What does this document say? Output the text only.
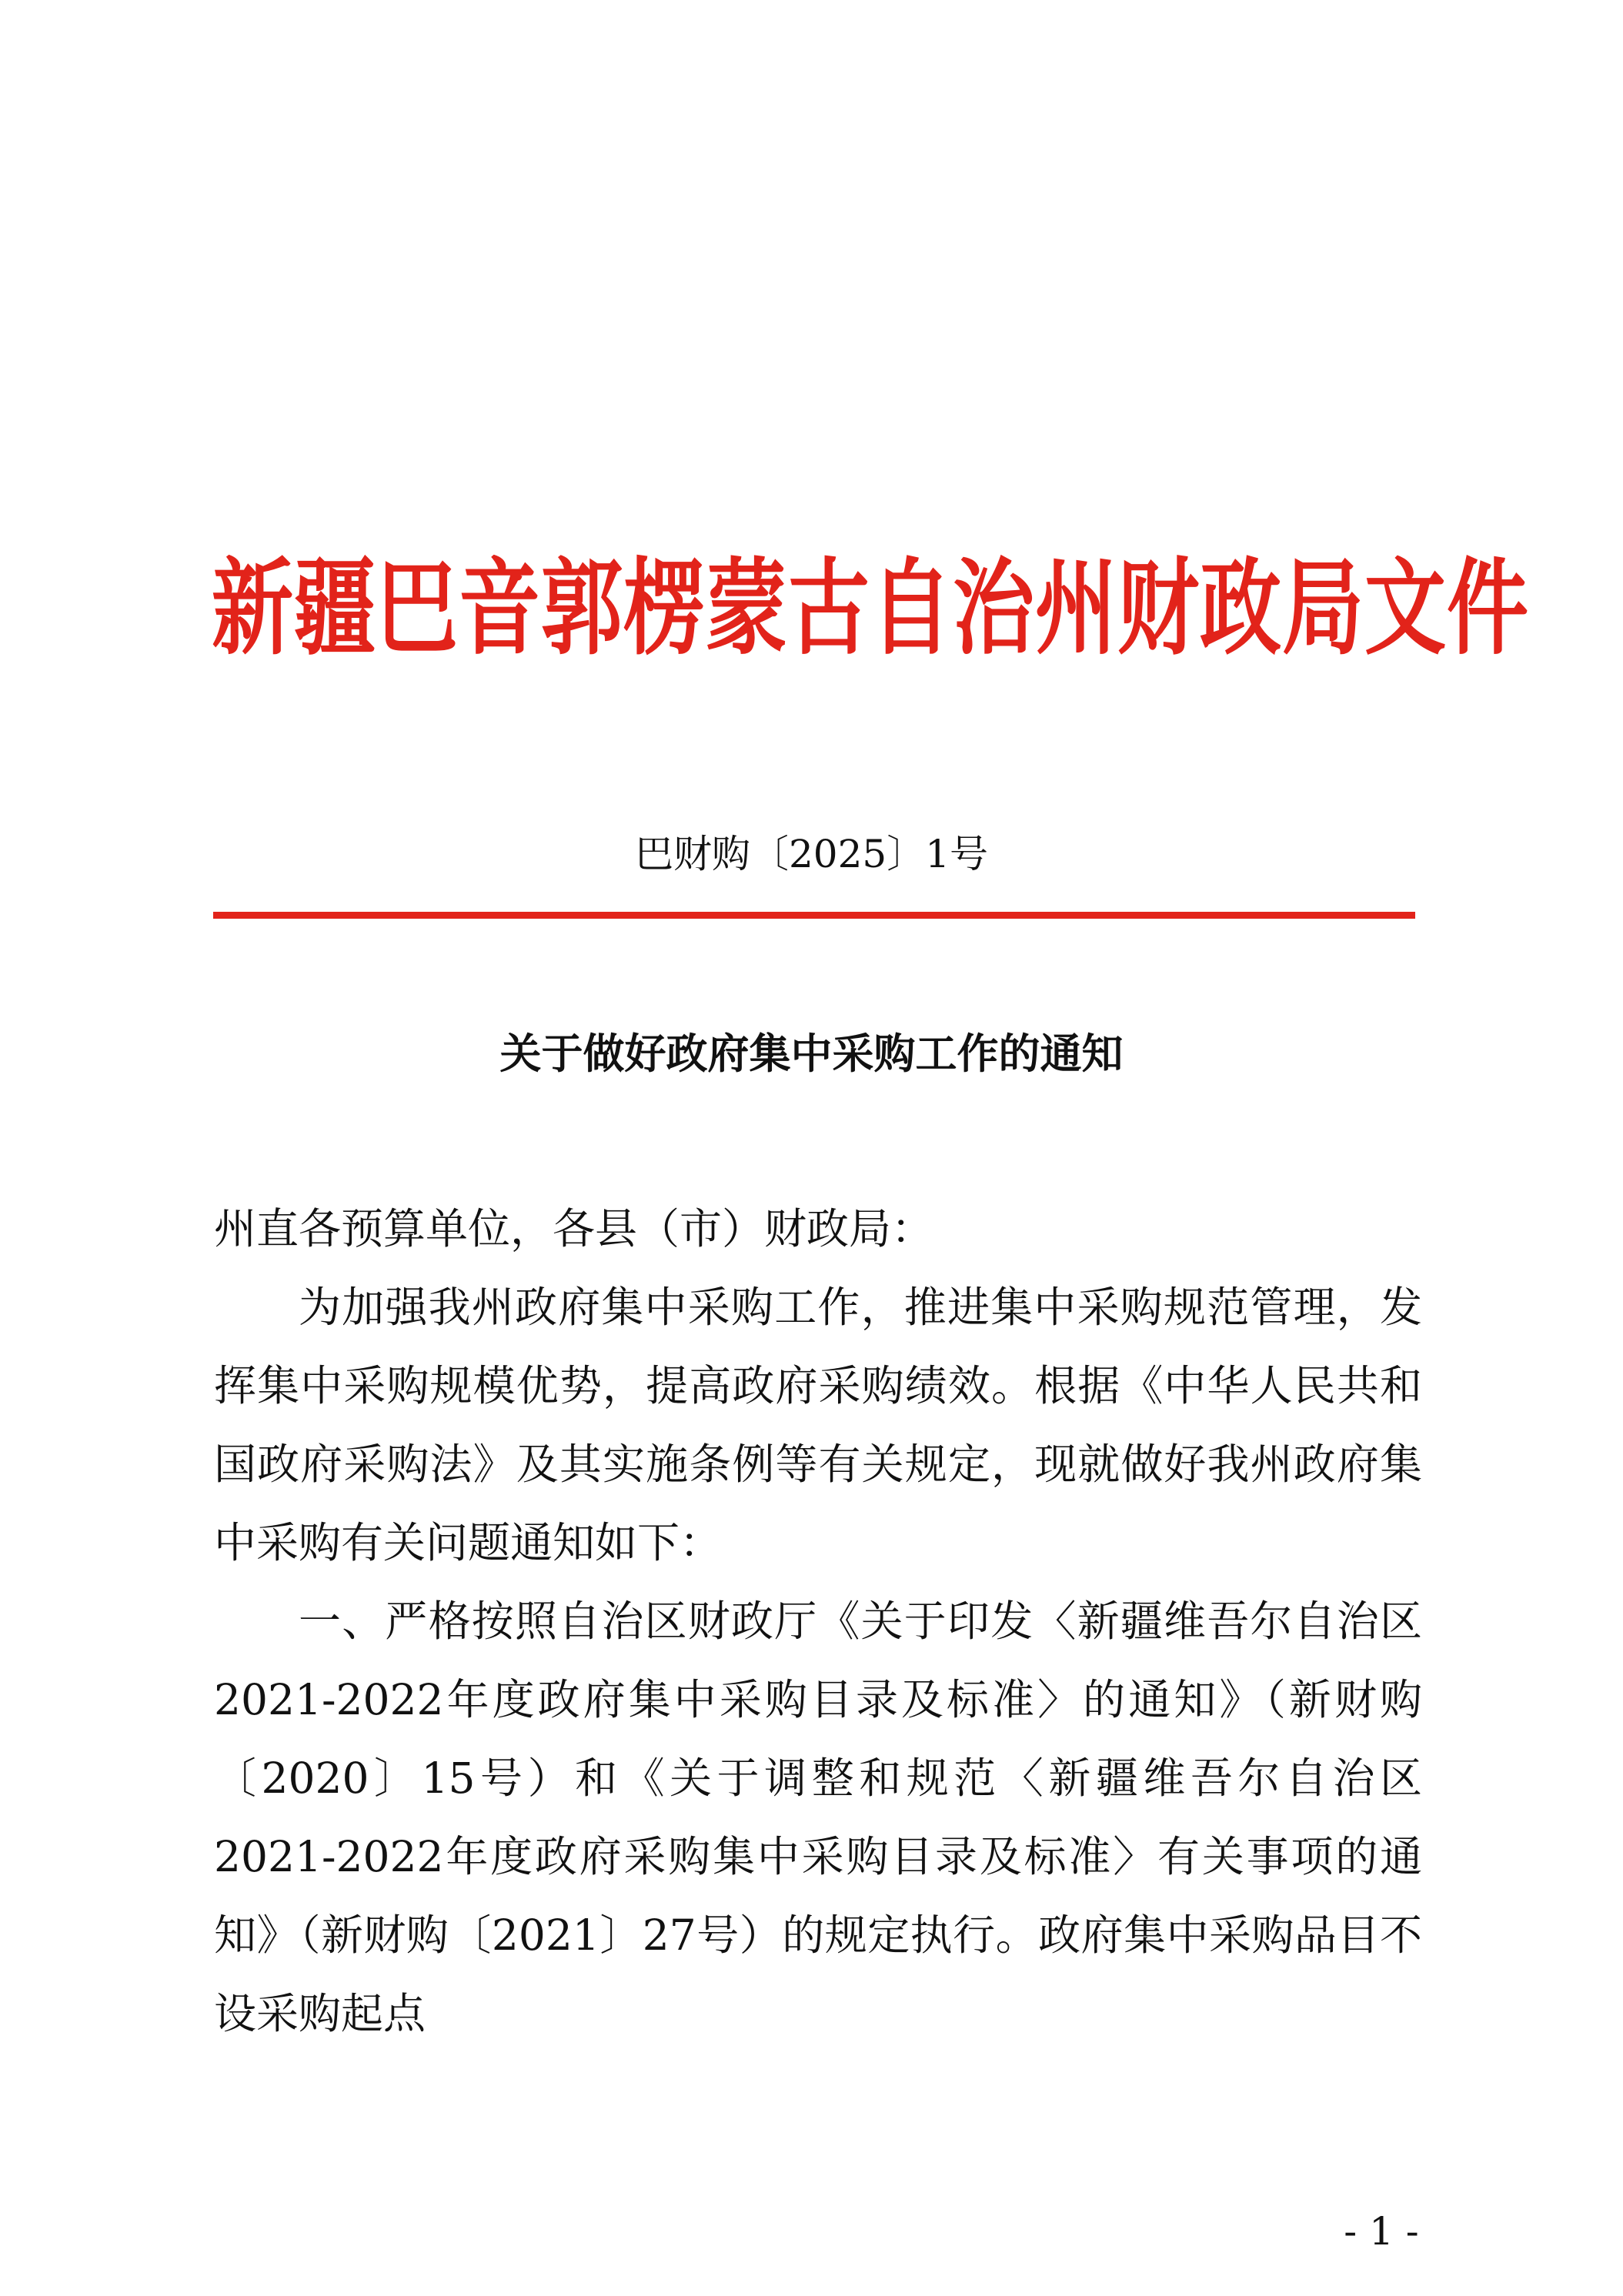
新疆巴音郭楞蒙古自治州财政局文件
巴财购〔2025〕1号
关于做好政府集中采购工作的通知

州直各预算单位，各县（市）财政局：

为加强我州政府集中采购工作，推进集中采购规范管理，发挥集中采购规模优势，提高政府采购绩效。根据《中华人民共和国政府采购法》及其实施条例等有关规定，现就做好我州政府集中采购有关问题通知如下：

一、严格按照自治区财政厅《关于印发〈新疆维吾尔自治区2021-2022年度政府集中采购目录及标准〉的通知》（新财购〔2020〕15号）和《关于调整和规范〈新疆维吾尔自治区2021-2022年度政府采购集中采购目录及标准〉有关事项的通知》（新财购〔2021〕27号）的规定执行。政府集中采购品目不设采购起点

- 1 -
